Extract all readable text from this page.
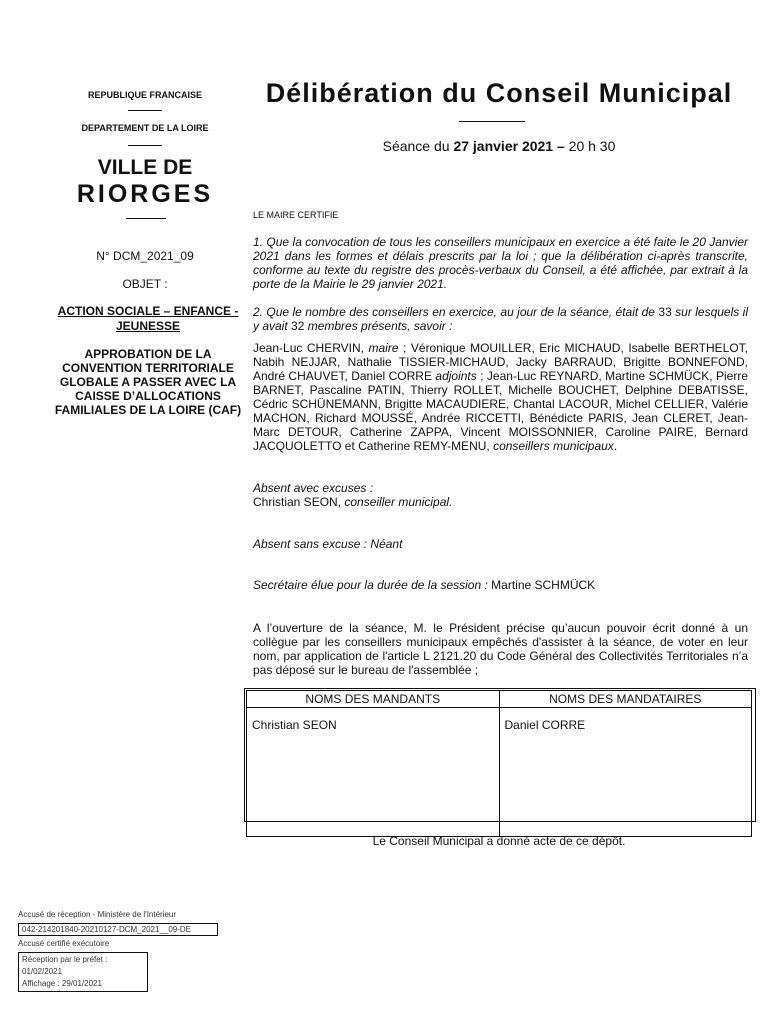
REPUBLIQUE FRANCAISE
DEPARTEMENT DE LA LOIRE
VILLE DE
RIORGES
N° DCM_2021_09
OBJET :
ACTION SOCIALE – ENFANCE - JEUNESSE
APPROBATION DE LA CONVENTION TERRITORIALE GLOBALE A PASSER AVEC LA CAISSE D’ALLOCATIONS FAMILIALES DE LA LOIRE (CAF)
Délibération du Conseil Municipal
Séance du 27 janvier 2021 – 20 h 30
LE MAIRE CERTIFIE
1. Que la convocation de tous les conseillers municipaux en exercice a été faite le 20 Janvier 2021 dans les formes et délais prescrits par la loi ; que la délibération ci-après transcrite, conforme au texte du registre des procès-verbaux du Conseil, a été affichée, par extrait à la porte de la Mairie le 29 janvier 2021.
2. Que le nombre des conseillers en exercice, au jour de la séance, était de 33 sur lesquels il y avait 32 membres présents, savoir :
Jean-Luc CHERVIN, maire ; Véronique MOUILLER, Eric MICHAUD, Isabelle BERTHELOT, Nabih NEJJAR, Nathalie TISSIER-MICHAUD, Jacky BARRAUD, Brigitte BONNEFOND, André CHAUVET, Daniel CORRE adjoints ; Jean-Luc REYNARD, Martine SCHMÜCK, Pierre BARNET, Pascaline PATIN, Thierry ROLLET, Michelle BOUCHET, Delphine DEBATISSE, Cédric SCHÜNEMANN, Brigitte MACAUDIERE, Chantal LACOUR, Michel CELLIER, Valérie MACHON, Richard MOUSSÉ, Andrée RICCETTI, Bénédicte PARIS, Jean CLERET, Jean-Marc DETOUR, Catherine ZAPPA, Vincent MOISSONNIER, Caroline PAIRE, Bernard JACQUOLETTO et Catherine REMY-MENU, conseillers municipaux.
Absent avec excuses :
Christian SEON, conseiller municipal.
Absent sans excuse : Néant
Secrétaire élue pour la durée de la session : Martine SCHMÜCK
A l’ouverture de la séance, M. le Président précise qu’aucun pouvoir écrit donné à un collègue par les conseillers municipaux empêchés d'assister à la séance, de voter en leur nom, par application de l'article L 2121.20 du Code Général des Collectivités Territoriales n’a pas déposé sur le bureau de l'assemblée ;
NOMS DES MANDANTS	NOMS DES MANDATAIRES
Christian SEON	Daniel CORRE
Le Conseil Municipal a donné acte de ce dépôt.
Accusé de réception - Ministère de l'Intérieur
042-214201840-20210127-DCM_2021__09-DE
Accusé certifié exécutoire
Réception par le préfet : 01/02/2021
Affichage : 29/01/2021
